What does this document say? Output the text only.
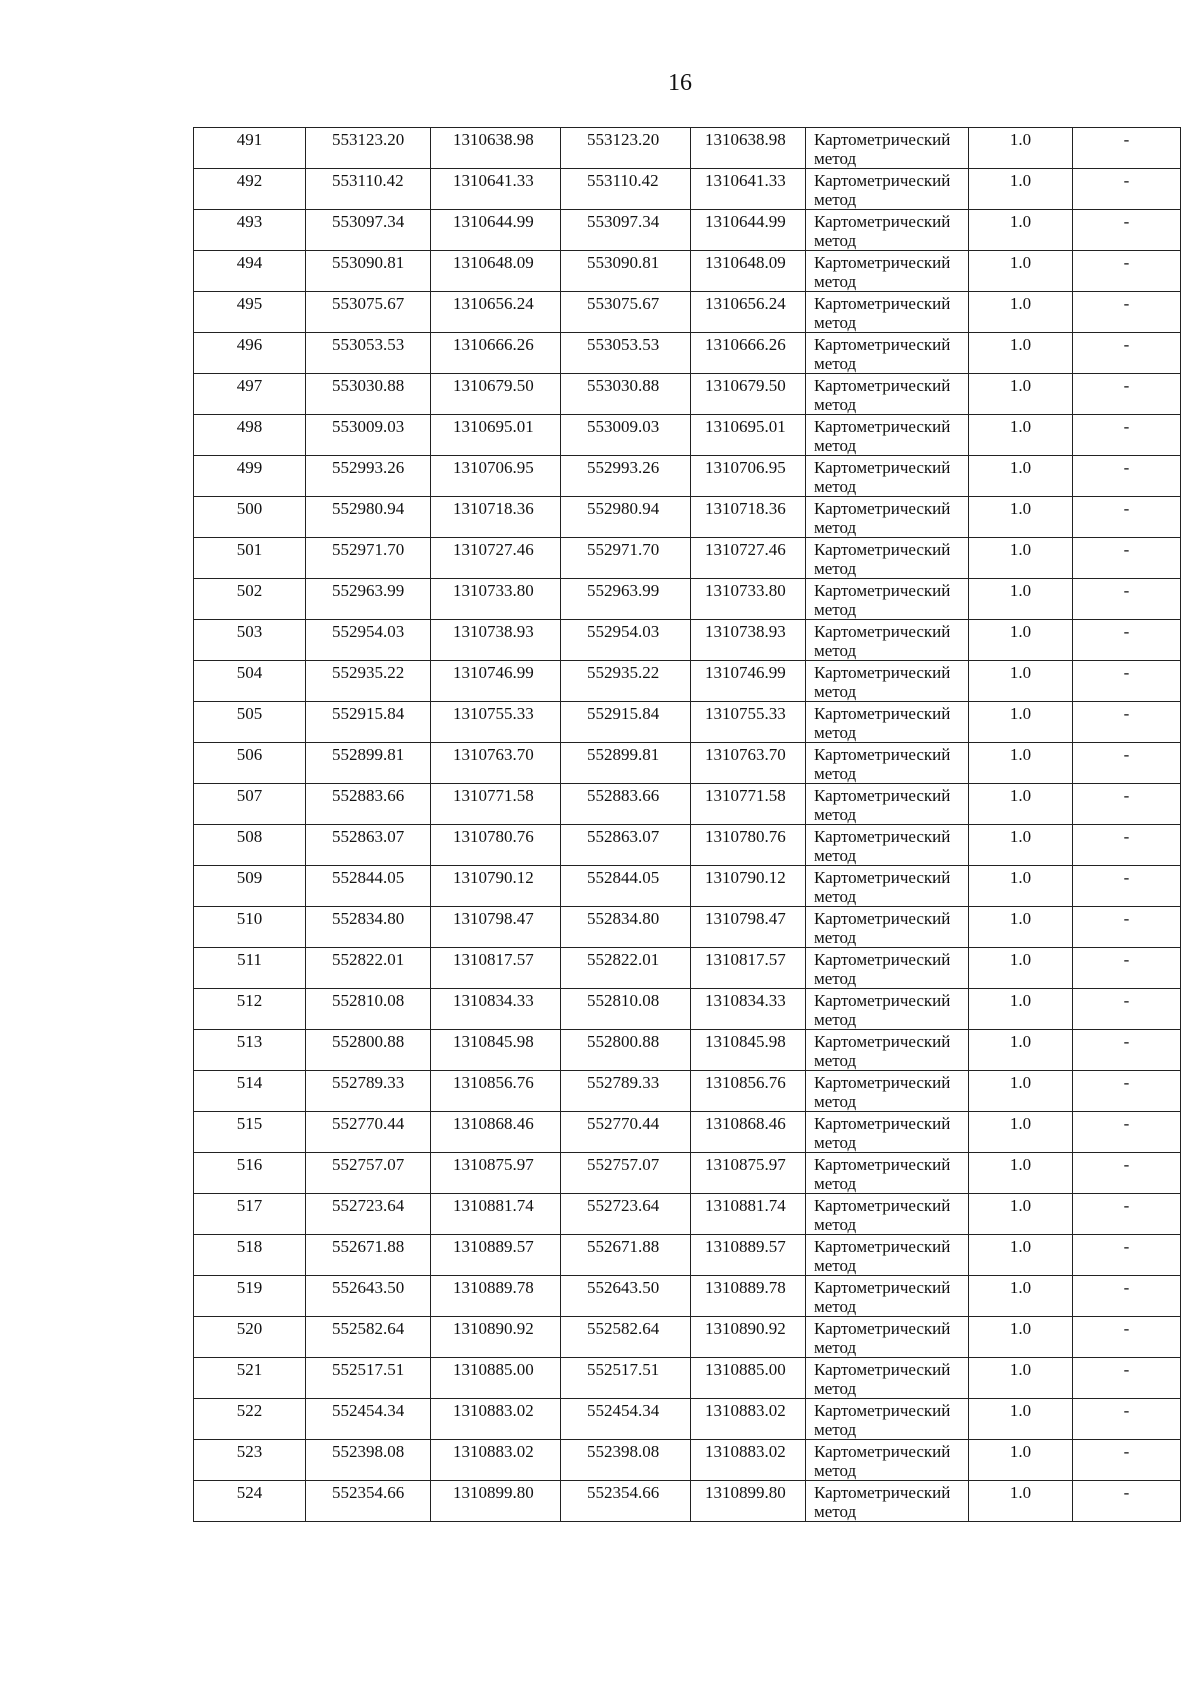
16
491	553123.20	1310638.98	553123.20	1310638.98	Картометрический метод	1.0	-

492	553110.42	1310641.33	553110.42	1310641.33	Картометрический метод	1.0	-

493	553097.34	1310644.99	553097.34	1310644.99	Картометрический метод	1.0	-

494	553090.81	1310648.09	553090.81	1310648.09	Картометрический метод	1.0	-

495	553075.67	1310656.24	553075.67	1310656.24	Картометрический метод	1.0	-

496	553053.53	1310666.26	553053.53	1310666.26	Картометрический метод	1.0	-

497	553030.88	1310679.50	553030.88	1310679.50	Картометрический метод	1.0	-

498	553009.03	1310695.01	553009.03	1310695.01	Картометрический метод	1.0	-

499	552993.26	1310706.95	552993.26	1310706.95	Картометрический метод	1.0	-

500	552980.94	1310718.36	552980.94	1310718.36	Картометрический метод	1.0	-

501	552971.70	1310727.46	552971.70	1310727.46	Картометрический метод	1.0	-

502	552963.99	1310733.80	552963.99	1310733.80	Картометрический метод	1.0	-

503	552954.03	1310738.93	552954.03	1310738.93	Картометрический метод	1.0	-

504	552935.22	1310746.99	552935.22	1310746.99	Картометрический метод	1.0	-

505	552915.84	1310755.33	552915.84	1310755.33	Картометрический метод	1.0	-

506	552899.81	1310763.70	552899.81	1310763.70	Картометрический метод	1.0	-

507	552883.66	1310771.58	552883.66	1310771.58	Картометрический метод	1.0	-

508	552863.07	1310780.76	552863.07	1310780.76	Картометрический метод	1.0	-

509	552844.05	1310790.12	552844.05	1310790.12	Картометрический метод	1.0	-

510	552834.80	1310798.47	552834.80	1310798.47	Картометрический метод	1.0	-

511	552822.01	1310817.57	552822.01	1310817.57	Картометрический метод	1.0	-

512	552810.08	1310834.33	552810.08	1310834.33	Картометрический метод	1.0	-

513	552800.88	1310845.98	552800.88	1310845.98	Картометрический метод	1.0	-

514	552789.33	1310856.76	552789.33	1310856.76	Картометрический метод	1.0	-

515	552770.44	1310868.46	552770.44	1310868.46	Картометрический метод	1.0	-

516	552757.07	1310875.97	552757.07	1310875.97	Картометрический метод	1.0	-

517	552723.64	1310881.74	552723.64	1310881.74	Картометрический метод	1.0	-

518	552671.88	1310889.57	552671.88	1310889.57	Картометрический метод	1.0	-

519	552643.50	1310889.78	552643.50	1310889.78	Картометрический метод	1.0	-

520	552582.64	1310890.92	552582.64	1310890.92	Картометрический метод	1.0	-

521	552517.51	1310885.00	552517.51	1310885.00	Картометрический метод	1.0	-

522	552454.34	1310883.02	552454.34	1310883.02	Картометрический метод	1.0	-

523	552398.08	1310883.02	552398.08	1310883.02	Картометрический метод	1.0	-

524	552354.66	1310899.80	552354.66	1310899.80	Картометрический метод	1.0	-
